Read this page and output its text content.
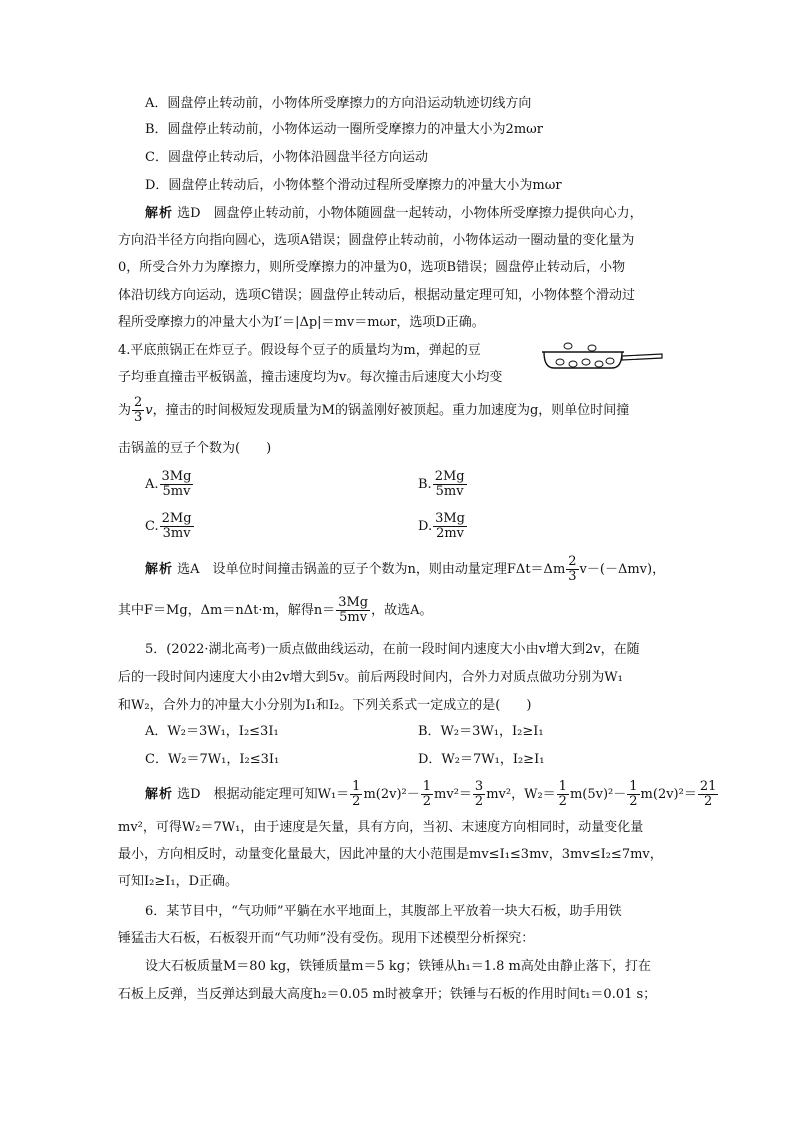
A．圆盘停止转动前，小物体所受摩擦力的方向沿运动轨迹切线方向
B．圆盘停止转动前，小物体运动一圈所受摩擦力的冲量大小为2mωr
C．圆盘停止转动后，小物体沿圆盘半径方向运动
D．圆盘停止转动后，小物体整个滑动过程所受摩擦力的冲量大小为mωr
解析 选D　圆盘停止转动前，小物体随圆盘一起转动，小物体所受摩擦力提供向心力，
方向沿半径方向指向圆心，选项A错误；圆盘停止转动前，小物体运动一圈动量的变化量为
0，所受合外力为摩擦力，则所受摩擦力的冲量为0，选项B错误；圆盘停止转动后，小物
体沿切线方向运动，选项C错误；圆盘停止转动后，根据动量定理可知，小物体整个滑动过
程所受摩擦力的冲量大小为I′＝|Δp|＝mv＝mωr，选项D正确。
4.平底煎锅正在炸豆子。假设每个豆子的质量均为m，弹起的豆
子均垂直撞击平板锅盖，撞击速度均为v。每次撞击后速度大小均变
为 $\frac{2}{3}$ v，撞击的时间极短发现质量为M的锅盖刚好被顶起。重力加速度为g，则单位时间撞
击锅盖的豆子个数为(　　)
A. $\frac{3Mg}{5mv}$	B. $\frac{2Mg}{5mv}$
C. $\frac{2Mg}{3mv}$	D. $\frac{3Mg}{2mv}$
解析 选A　设单位时间撞击锅盖的豆子个数为n，则由动量定理$F\Delta t=\Delta m \frac{2}{3} v-(-\Delta mv)$，
其中F＝Mg，Δm＝nΔt·m，解得$n= \frac{3Mg}{5mv}$ ，故选A。
5．(2022·湖北高考)一质点做曲线运动，在前一段时间内速度大小由v增大到2v，在随
后的一段时间内速度大小由2v增大到5v。前后两段时间内，合外力对质点做功分别为W₁
和W₂，合外力的冲量大小分别为I₁和I₂。下列关系式一定成立的是(　　)
A．W₂＝3W₁，I₂≤3I₁	B．W₂＝3W₁，I₂≥I₁
C．W₂＝7W₁，I₂≤3I₁	D．W₂＝7W₁，I₂≥I₁
解析 选D　根据动能定理可知$W_1= \frac{1}{2} m(2v)^2- \frac{1}{2} mv^2= \frac{3}{2} mv^2$，$W_2= \frac{1}{2} m(5v)^2- \frac{1}{2} m(2v)^2= \frac{21}{2}$
mv²，可得W₂＝7W₁，由于速度是矢量，具有方向，当初、末速度方向相同时，动量变化量
最小，方向相反时，动量变化量最大，因此冲量的大小范围是mv≤I₁≤3mv，3mv≤I₂≤7mv，
可知I₂≥I₁，D正确。
6．某节目中，“气功师”平躺在水平地面上，其腹部上平放着一块大石板，助手用铁
锤猛击大石板，石板裂开而“气功师”没有受伤。现用下述模型分析探究：
设大石板质量M＝80 kg，铁锤质量m＝5 kg；铁锤从h₁＝1.8 m高处由静止落下，打在
石板上反弹，当反弹达到最大高度h₂＝0.05 m时被拿开；铁锤与石板的作用时间t₁＝0.01 s；
